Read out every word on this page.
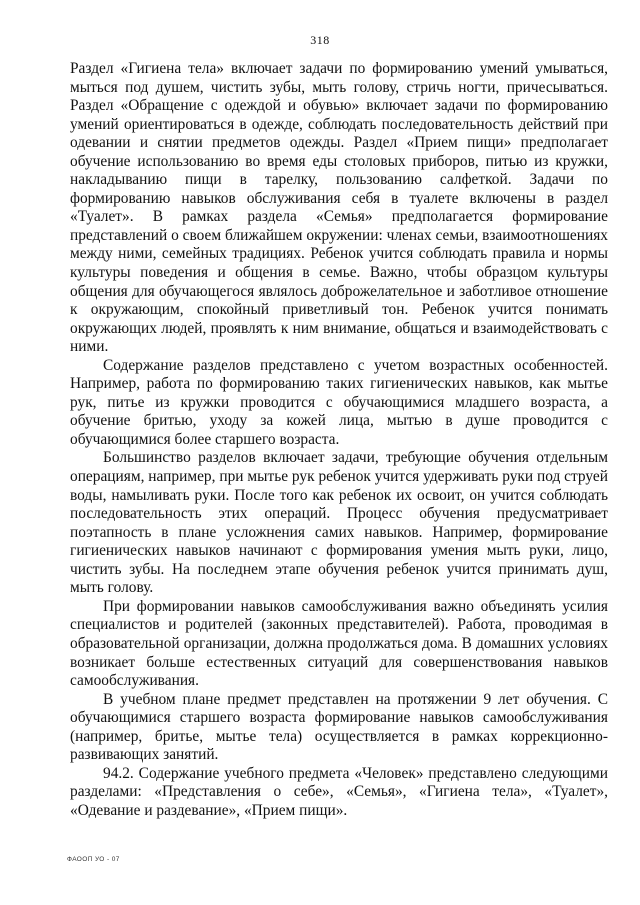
318

Раздел «Гигиена тела» включает задачи по формированию умений умываться, мыться под душем, чистить зубы, мыть голову, стричь ногти, причесываться. Раздел «Обращение с одеждой и обувью» включает задачи по формированию умений ориентироваться в одежде, соблюдать последовательность действий при одевании и снятии предметов одежды. Раздел «Прием пищи» предполагает обучение использованию во время еды столовых приборов, питью из кружки, накладыванию пищи в тарелку, пользованию салфеткой. Задачи по формированию навыков обслуживания себя в туалете включены в раздел «Туалет». В рамках раздела «Семья» предполагается формирование представлений о своем ближайшем окружении: членах семьи, взаимоотношениях между ними, семейных традициях. Ребенок учится соблюдать правила и нормы культуры поведения и общения в семье. Важно, чтобы образцом культуры общения для обучающегося являлось доброжелательное и заботливое отношение к окружающим, спокойный приветливый тон. Ребенок учится понимать окружающих людей, проявлять к ним внимание, общаться и взаимодействовать с ними.

Содержание разделов представлено с учетом возрастных особенностей. Например, работа по формированию таких гигиенических навыков, как мытье рук, питье из кружки проводится с обучающимися младшего возраста, а обучение бритью, уходу за кожей лица, мытью в душе проводится с обучающимися более старшего возраста.

Большинство разделов включает задачи, требующие обучения отдельным операциям, например, при мытье рук ребенок учится удерживать руки под струей воды, намыливать руки. После того как ребенок их освоит, он учится соблюдать последовательность этих операций. Процесс обучения предусматривает поэтапность в плане усложнения самих навыков. Например, формирование гигиенических навыков начинают с формирования умения мыть руки, лицо, чистить зубы. На последнем этапе обучения ребенок учится принимать душ, мыть голову.

При формировании навыков самообслуживания важно объединять усилия специалистов и родителей (законных представителей). Работа, проводимая в образовательной организации, должна продолжаться дома. В домашних условиях возникает больше естественных ситуаций для совершенствования навыков самообслуживания.

В учебном плане предмет представлен на протяжении 9 лет обучения. С обучающимися старшего возраста формирование навыков самообслуживания (например, бритье, мытье тела) осуществляется в рамках коррекционно-развивающих занятий.

94.2. Содержание учебного предмета «Человек» представлено следующими разделами: «Представления о себе», «Семья», «Гигиена тела», «Туалет», «Одевание и раздевание», «Прием пищи».

ФАООП УО - 07
